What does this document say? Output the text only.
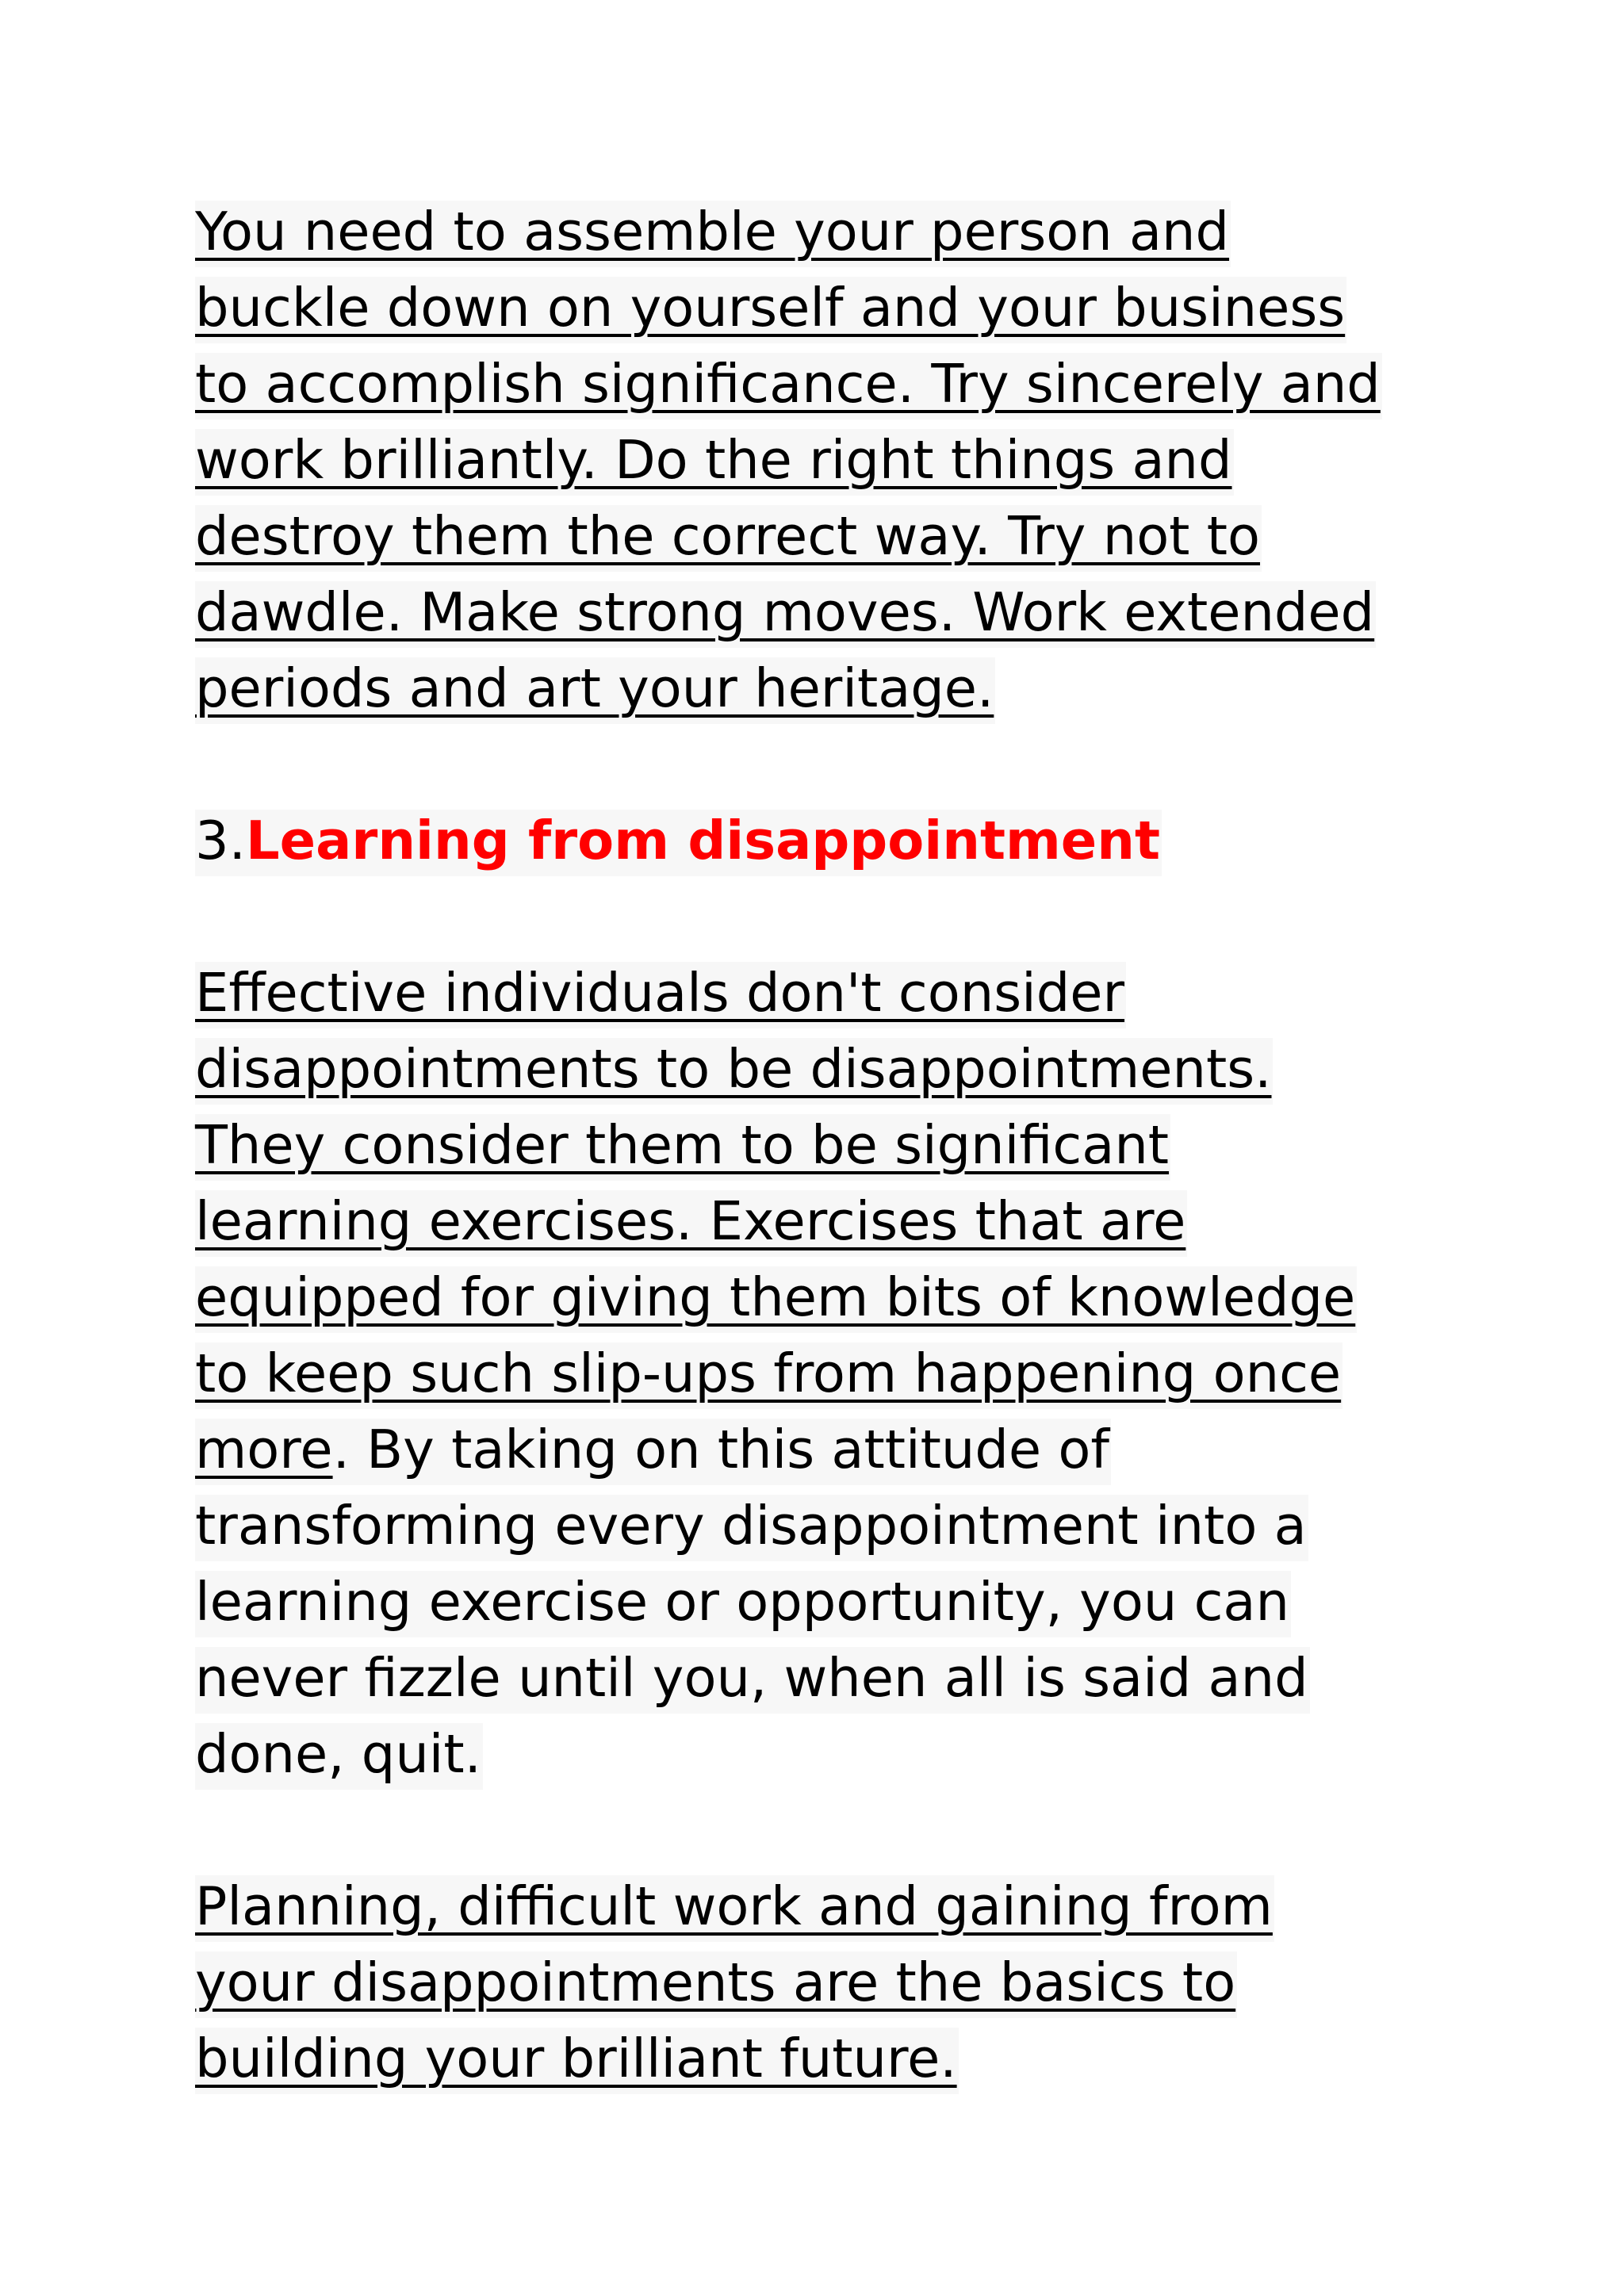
You need to assemble your person and
buckle down on yourself and your business
to accomplish significance. Try sincerely and
work brilliantly. Do the right things and
destroy them the correct way. Try not to
dawdle. Make strong moves. Work extended
periods and art your heritage.
3.Learning from disappointment
Effective individuals don't consider
disappointments to be disappointments.
They consider them to be significant
learning exercises. Exercises that are
equipped for giving them bits of knowledge
to keep such slip-ups from happening once
more. By taking on this attitude of
transforming every disappointment into a
learning exercise or opportunity, you can
never fizzle until you, when all is said and
done, quit.
Planning, difficult work and gaining from
your disappointments are the basics to
building your brilliant future.
